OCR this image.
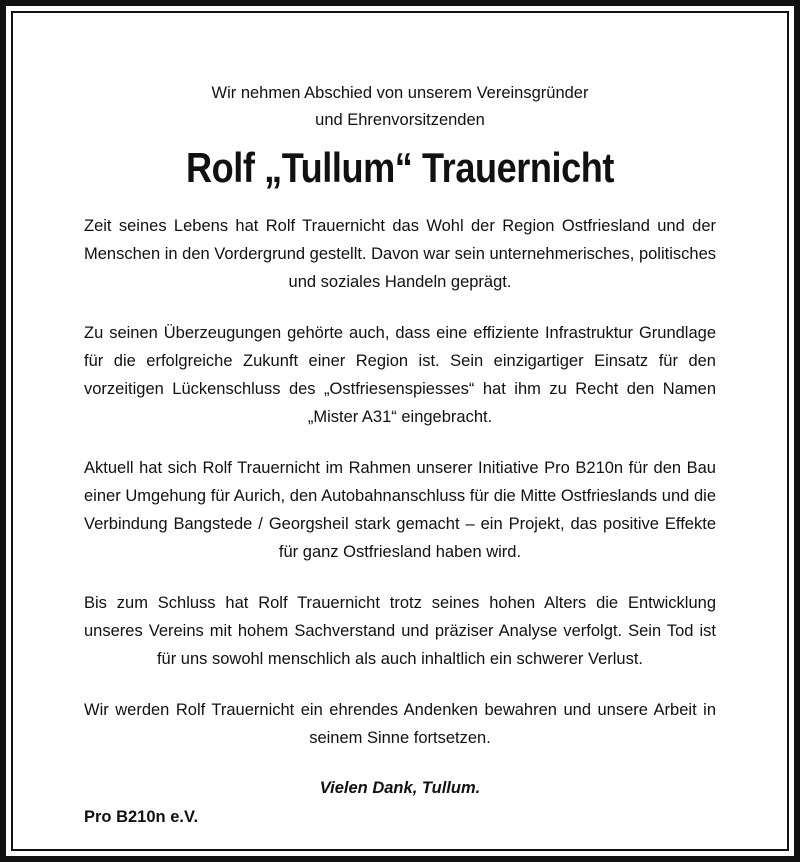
Wir nehmen Abschied von unserem Vereinsgründer
und Ehrenvorsitzenden

Rolf „Tullum“ Trauernicht

Zeit seines Lebens hat Rolf Trauernicht das Wohl der Region Ostfriesland und der Menschen in den Vordergrund gestellt. Davon war sein unternehmerisches, politisches und soziales Handeln geprägt.

Zu seinen Überzeugungen gehörte auch, dass eine effiziente Infrastruktur Grundlage für die erfolgreiche Zukunft einer Region ist. Sein einzigartiger Einsatz für den vorzeitigen Lückenschluss des „Ostfriesenspiesses“ hat ihm zu Recht den Namen „Mister A31“ eingebracht.

Aktuell hat sich Rolf Trauernicht im Rahmen unserer Initiative Pro B210n für den Bau einer Umgehung für Aurich, den Autobahnanschluss für die Mitte Ostfrieslands und die Verbindung Bangstede / Georgsheil stark gemacht – ein Projekt, das positive Effekte für ganz Ostfriesland haben wird.

Bis zum Schluss hat Rolf Trauernicht trotz seines hohen Alters die Entwicklung unseres Vereins mit hohem Sachverstand und präziser Analyse verfolgt. Sein Tod ist für uns sowohl menschlich als auch inhaltlich ein schwerer Verlust.

Wir werden Rolf Trauernicht ein ehrendes Andenken bewahren und unsere Arbeit in seinem Sinne fortsetzen.

Vielen Dank, Tullum.
Pro B210n e.V.
